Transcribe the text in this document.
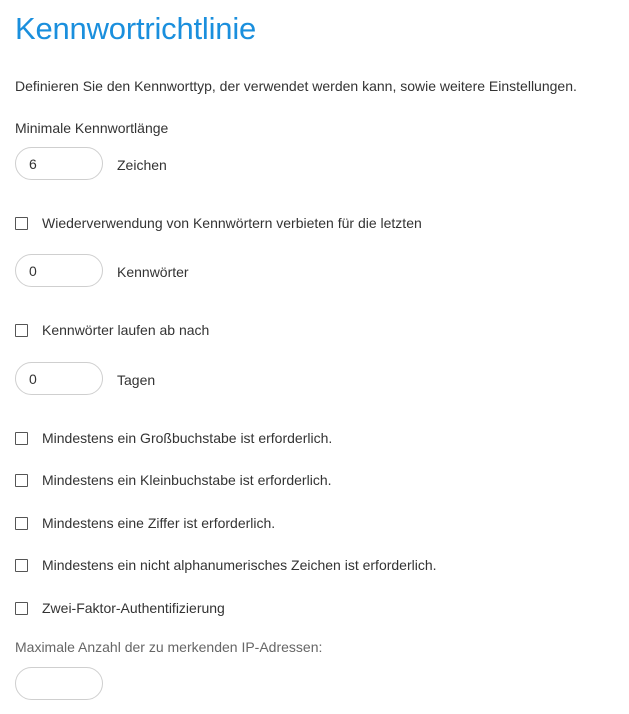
Kennwortrichtlinie
Definieren Sie den Kennworttyp, der verwendet werden kann, sowie weitere Einstellungen.
Minimale Kennwortlänge
6
Zeichen
Wiederverwendung von Kennwörtern verbieten für die letzten
0
Kennwörter
Kennwörter laufen ab nach
0
Tagen
Mindestens ein Großbuchstabe ist erforderlich.
Mindestens ein Kleinbuchstabe ist erforderlich.
Mindestens eine Ziffer ist erforderlich.
Mindestens ein nicht alphanumerisches Zeichen ist erforderlich.
Zwei-Faktor-Authentifizierung
Maximale Anzahl der zu merkenden IP-Adressen:
